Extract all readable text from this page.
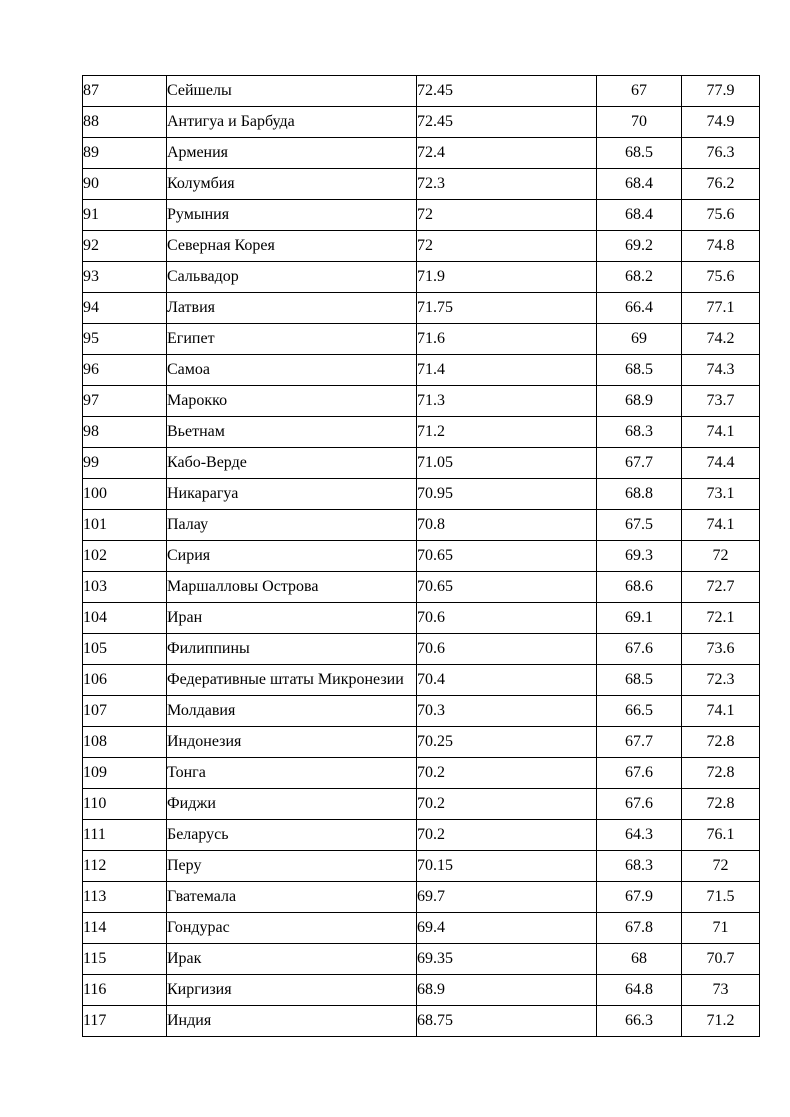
87	Сейшелы	72.45	67	77.9
88	Антигуа и Барбуда	72.45	70	74.9
89	Армения	72.4	68.5	76.3
90	Колумбия	72.3	68.4	76.2
91	Румыния	72	68.4	75.6
92	Северная Корея	72	69.2	74.8
93	Сальвадор	71.9	68.2	75.6
94	Латвия	71.75	66.4	77.1
95	Египет	71.6	69	74.2
96	Самоа	71.4	68.5	74.3
97	Марокко	71.3	68.9	73.7
98	Вьетнам	71.2	68.3	74.1
99	Кабо-Верде	71.05	67.7	74.4
100	Никарагуа	70.95	68.8	73.1
101	Палау	70.8	67.5	74.1
102	Сирия	70.65	69.3	72
103	Маршалловы Острова	70.65	68.6	72.7
104	Иран	70.6	69.1	72.1
105	Филиппины	70.6	67.6	73.6
106	Федеративные штаты Микронезии	70.4	68.5	72.3
107	Молдавия	70.3	66.5	74.1
108	Индонезия	70.25	67.7	72.8
109	Тонга	70.2	67.6	72.8
110	Фиджи	70.2	67.6	72.8
111	Беларусь	70.2	64.3	76.1
112	Перу	70.15	68.3	72
113	Гватемала	69.7	67.9	71.5
114	Гондурас	69.4	67.8	71
115	Ирак	69.35	68	70.7
116	Киргизия	68.9	64.8	73
117	Индия	68.75	66.3	71.2
